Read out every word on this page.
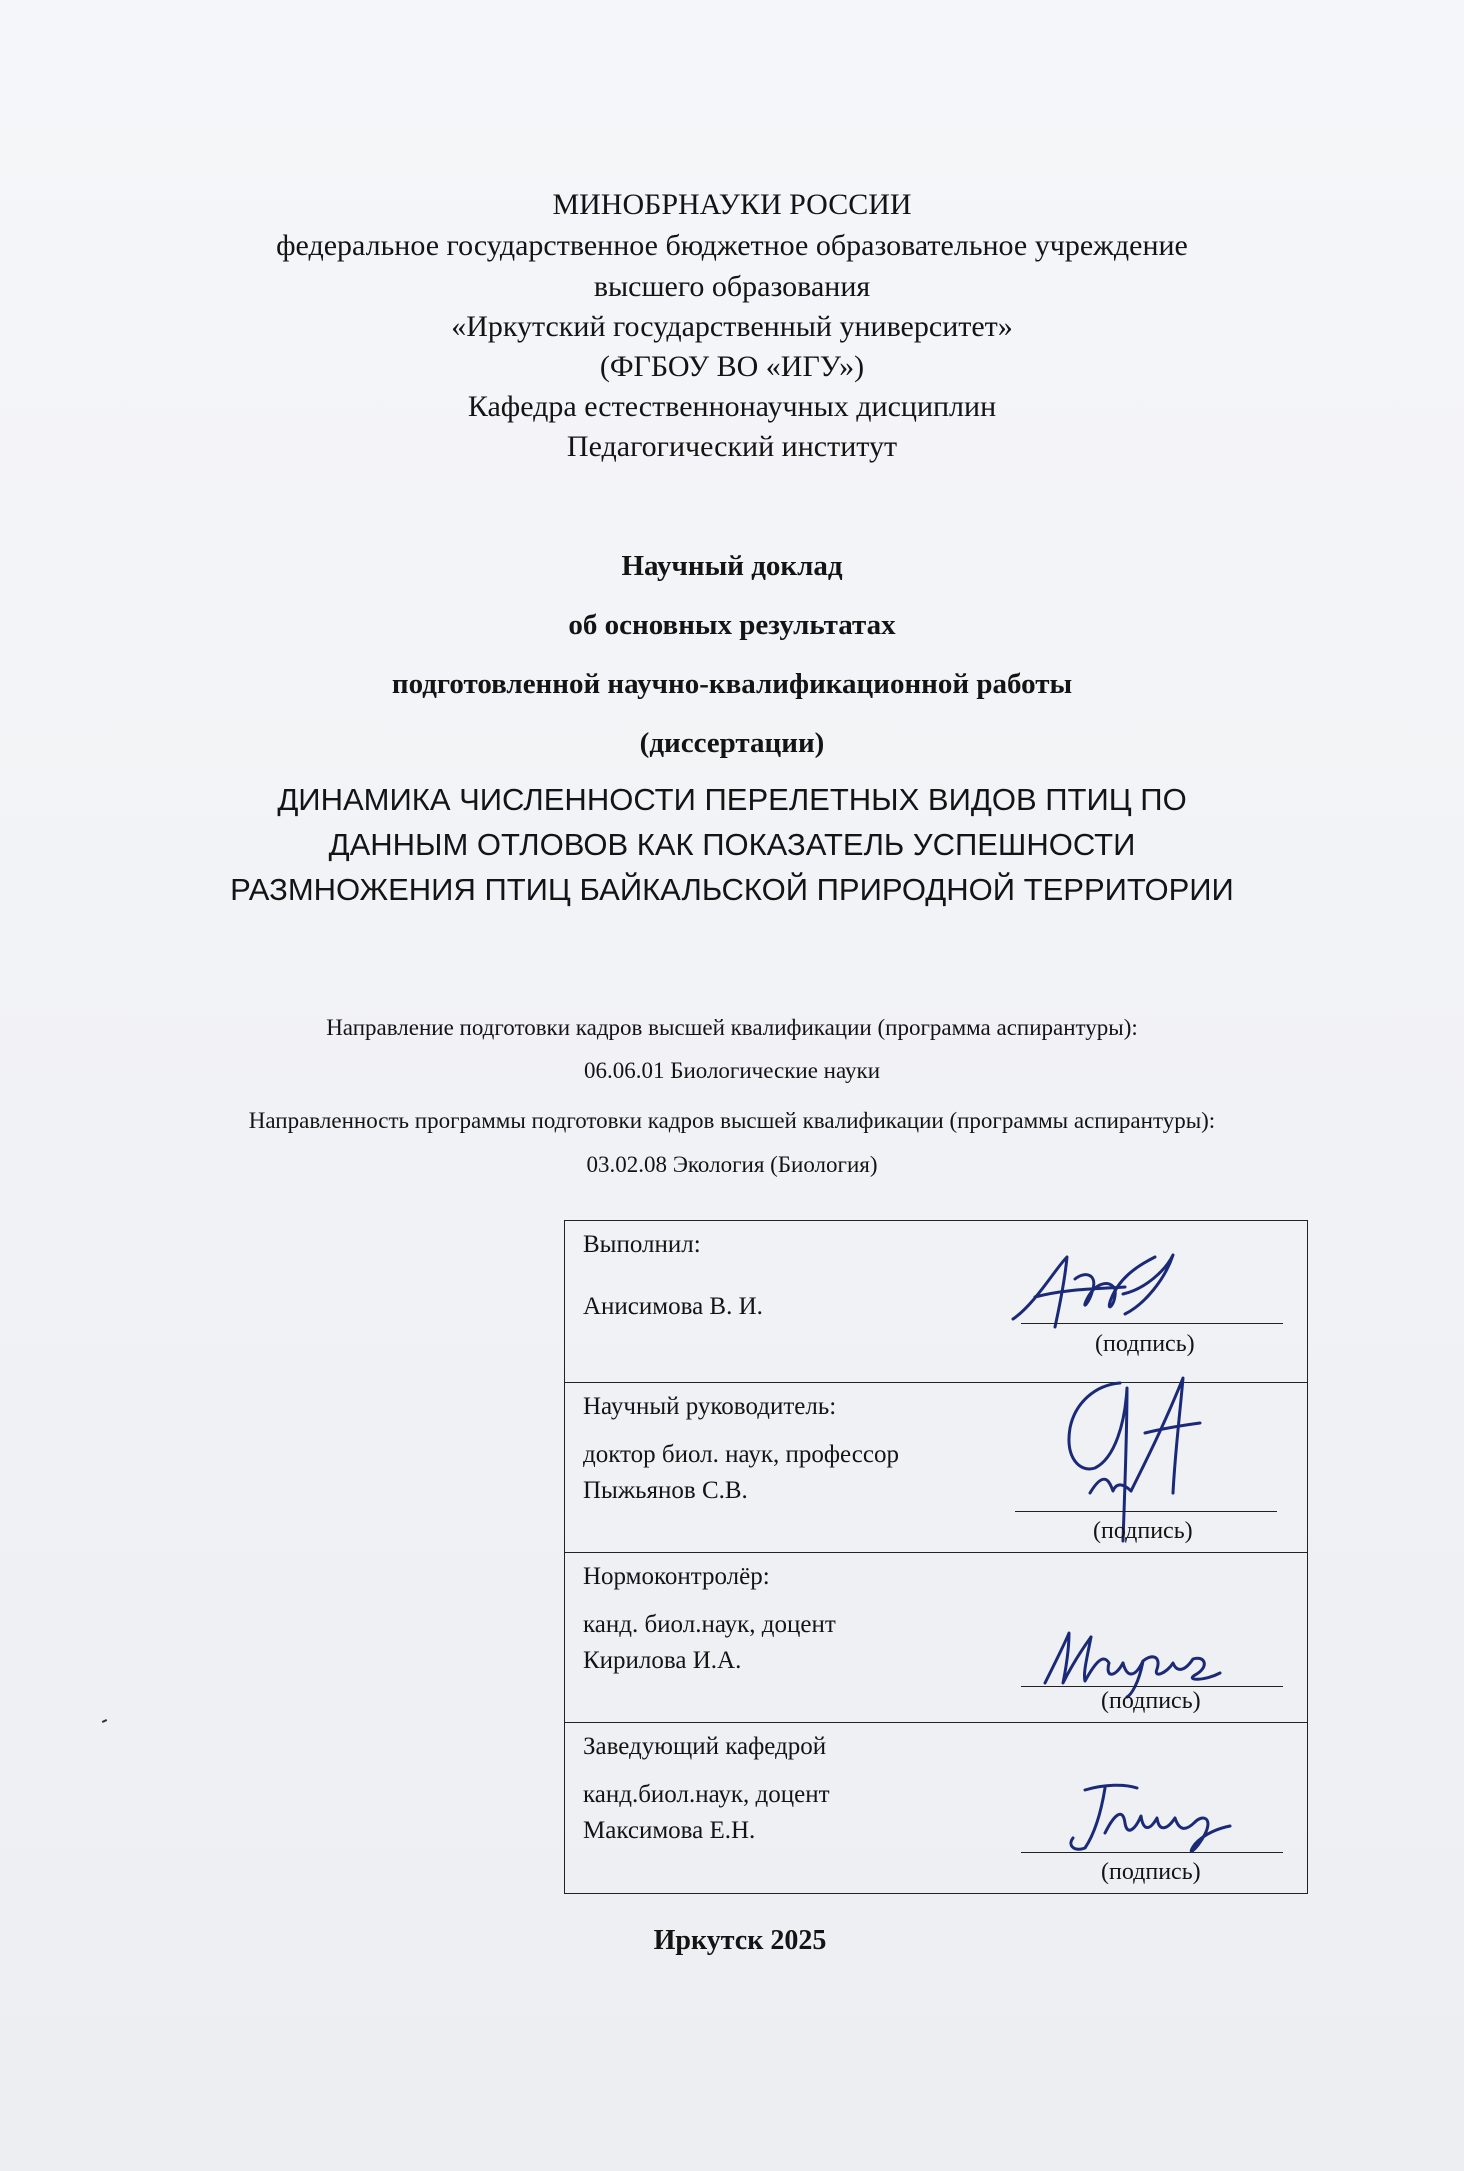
МИНОБРНАУКИ РОССИИ
федеральное государственное бюджетное образовательное учреждение
высшего образования
«Иркутский государственный университет»
(ФГБОУ ВО «ИГУ»)
Кафедра естественнонаучных дисциплин
Педагогический институт
Научный доклад
об основных результатах
подготовленной научно-квалификационной работы
(диссертации)
ДИНАМИКА ЧИСЛЕННОСТИ ПЕРЕЛЕТНЫХ ВИДОВ ПТИЦ ПО
ДАННЫМ ОТЛОВОВ КАК ПОКАЗАТЕЛЬ УСПЕШНОСТИ
РАЗМНОЖЕНИЯ ПТИЦ БАЙКАЛЬСКОЙ ПРИРОДНОЙ ТЕРРИТОРИИ
Направление подготовки кадров высшей квалификации (программа аспирантуры):
06.06.01 Биологические науки
Направленность программы подготовки кадров высшей квалификации (программы аспирантуры):
03.02.08 Экология (Биология)
Выполнил:
Анисимова В. И.
(подпись)
Научный руководитель:
доктор биол. наук, профессор
Пыжьянов С.В.
(подпись)
Нормоконтролёр:
канд. биол.наук, доцент
Кирилова И.А.
(подпись)
Заведующий кафедрой
канд.биол.наук, доцент
Максимова Е.Н.
(подпись)
Иркутск 2025
